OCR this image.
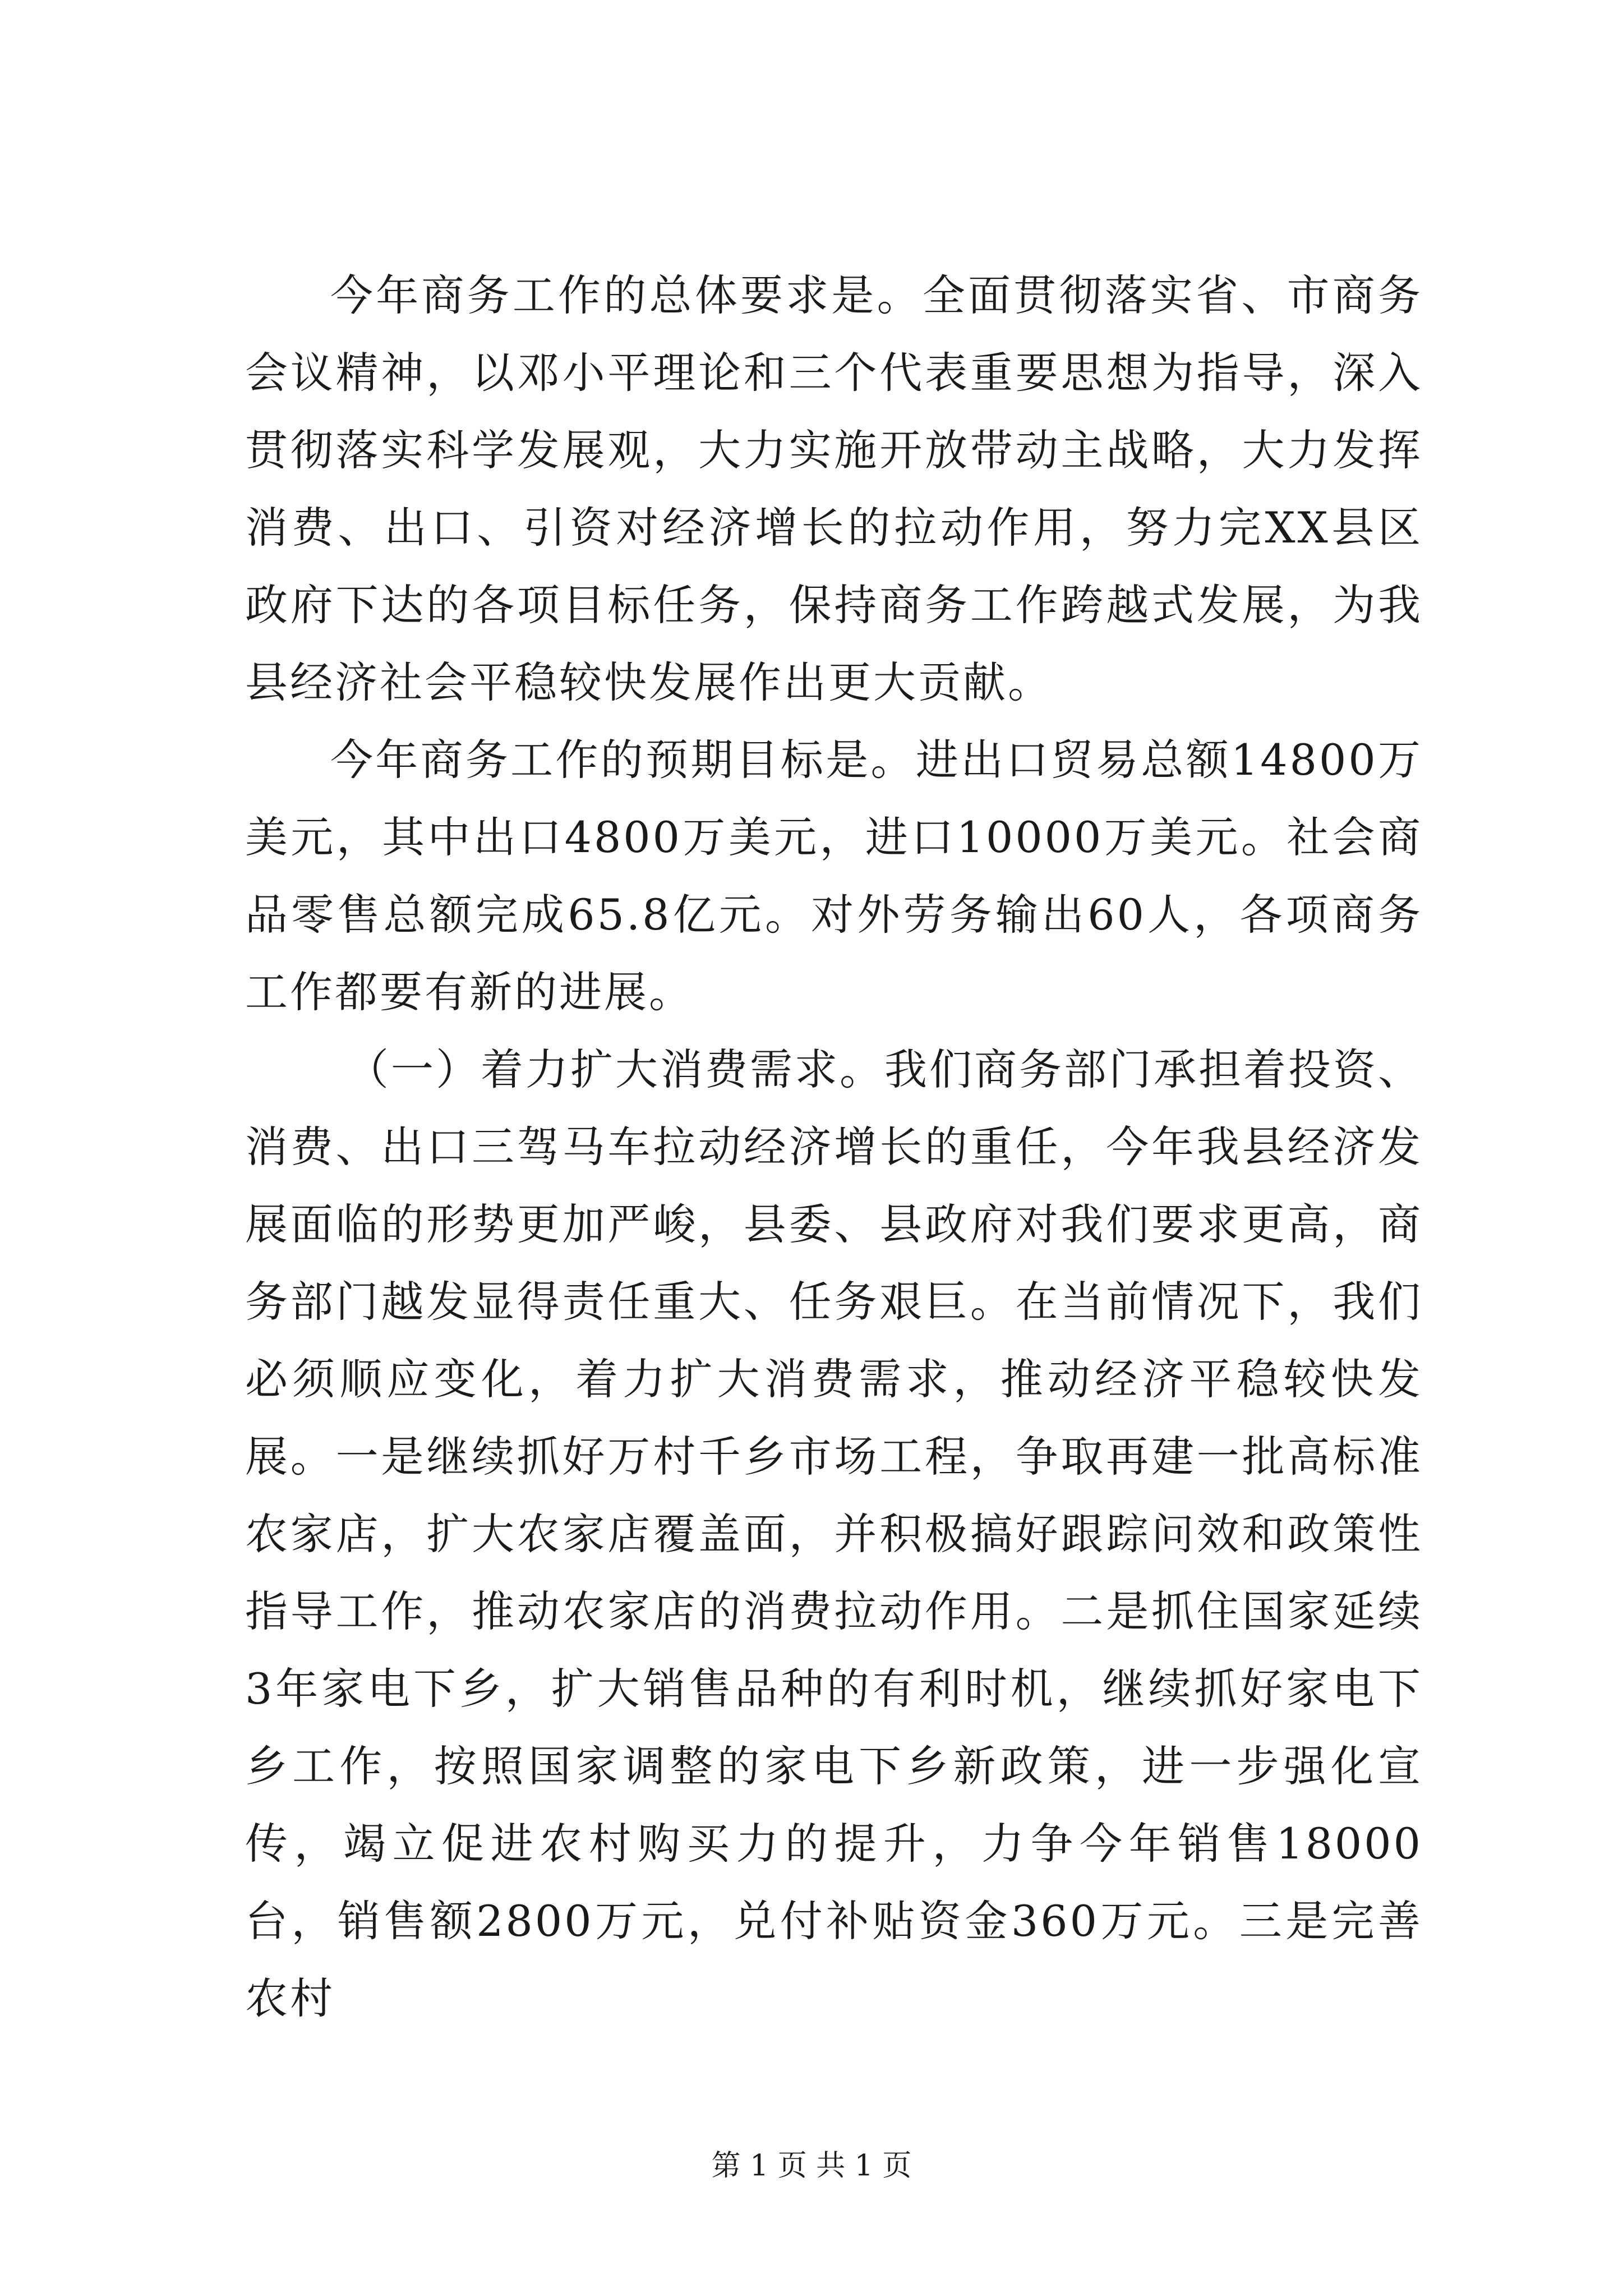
今年商务工作的总体要求是。全面贯彻落实省、市商务会议精神，以邓小平理论和三个代表重要思想为指导，深入贯彻落实科学发展观，大力实施开放带动主战略，大力发挥消费、出口、引资对经济增长的拉动作用，努力完XX县区政府下达的各项目标任务，保持商务工作跨越式发展，为我县经济社会平稳较快发展作出更大贡献。

今年商务工作的预期目标是。进出口贸易总额14800万美元，其中出口4800万美元，进口10000万美元。社会商品零售总额完成65.8亿元。对外劳务输出60人，各项商务工作都要有新的进展。

（一）着力扩大消费需求。我们商务部门承担着投资、消费、出口三驾马车拉动经济增长的重任，今年我县经济发展面临的形势更加严峻，县委、县政府对我们要求更高，商务部门越发显得责任重大、任务艰巨。在当前情况下，我们必须顺应变化，着力扩大消费需求，推动经济平稳较快发展。一是继续抓好万村千乡市场工程，争取再建一批高标准农家店，扩大农家店覆盖面，并积极搞好跟踪问效和政策性指导工作，推动农家店的消费拉动作用。二是抓住国家延续3年家电下乡，扩大销售品种的有利时机，继续抓好家电下乡工作，按照国家调整的家电下乡新政策，进一步强化宣传，竭立促进农村购买力的提升，力争今年销售18000台，销售额2800万元，兑付补贴资金360万元。三是完善农村

第 1 页 共 1 页
